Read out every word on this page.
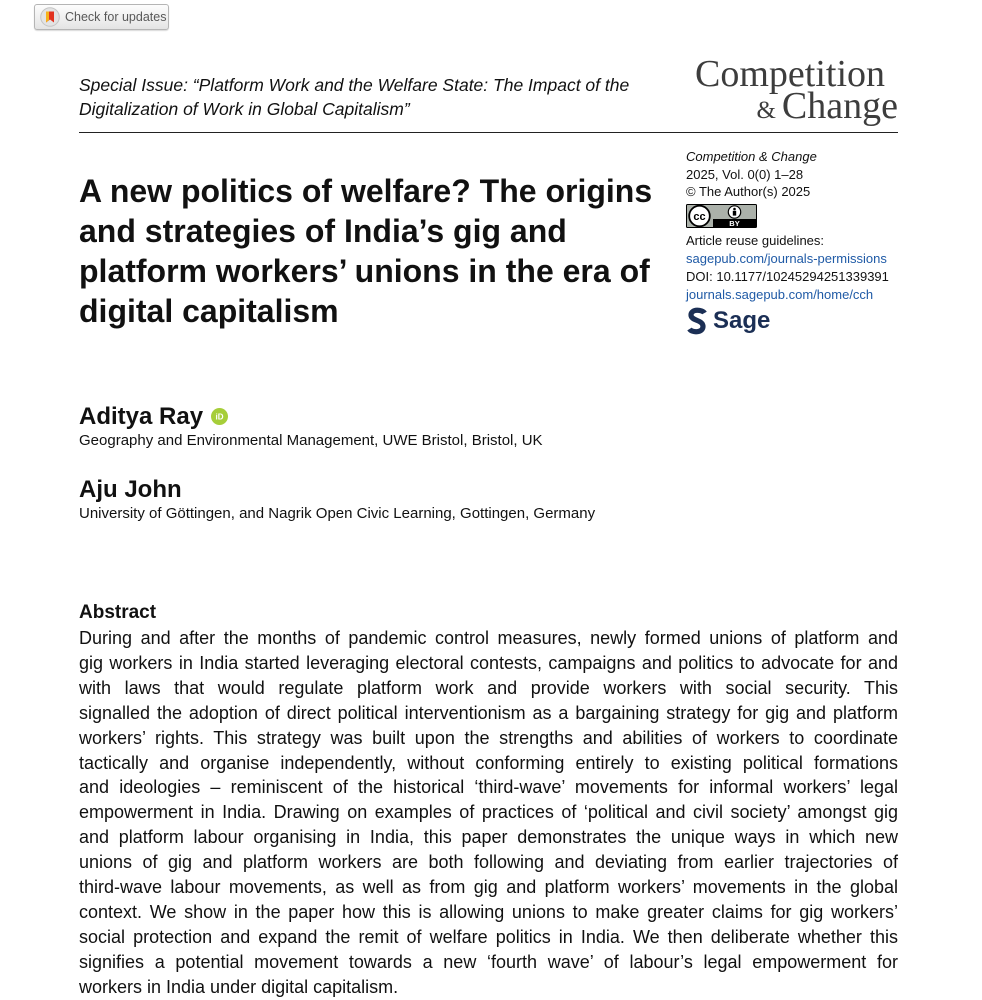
Check for updates
Special Issue: “Platform Work and the Welfare State: The Impact of the
Digitalization of Work in Global Capitalism”
Competition
& Change
A new politics of welfare? The origins
and strategies of India’s gig and
platform workers’ unions in the era of
digital capitalism
Competition & Change
2025, Vol. 0(0) 1–28
© The Author(s) 2025
cc
BY
Article reuse guidelines:
sagepub.com/journals-permissions
DOI: 10.1177/10245294251339391
journals.sagepub.com/home/cch
Sage
Aditya Ray iD
Geography and Environmental Management, UWE Bristol, Bristol, UK
Aju John
University of Göttingen, and Nagrik Open Civic Learning, Gottingen, Germany
Abstract
During and after the months of pandemic control measures, newly formed unions of platform and
gig workers in India started leveraging electoral contests, campaigns and politics to advocate for and
with laws that would regulate platform work and provide workers with social security. This
signalled the adoption of direct political interventionism as a bargaining strategy for gig and platform
workers’ rights. This strategy was built upon the strengths and abilities of workers to coordinate
tactically and organise independently, without conforming entirely to existing political formations
and ideologies – reminiscent of the historical ‘third-wave’ movements for informal workers’ legal
empowerment in India. Drawing on examples of practices of ‘political and civil society’ amongst gig
and platform labour organising in India, this paper demonstrates the unique ways in which new
unions of gig and platform workers are both following and deviating from earlier trajectories of
third-wave labour movements, as well as from gig and platform workers’ movements in the global
context. We show in the paper how this is allowing unions to make greater claims for gig workers’
social protection and expand the remit of welfare politics in India. We then deliberate whether this
signifies a potential movement towards a new ‘fourth wave’ of labour’s legal empowerment for
workers in India under digital capitalism.
